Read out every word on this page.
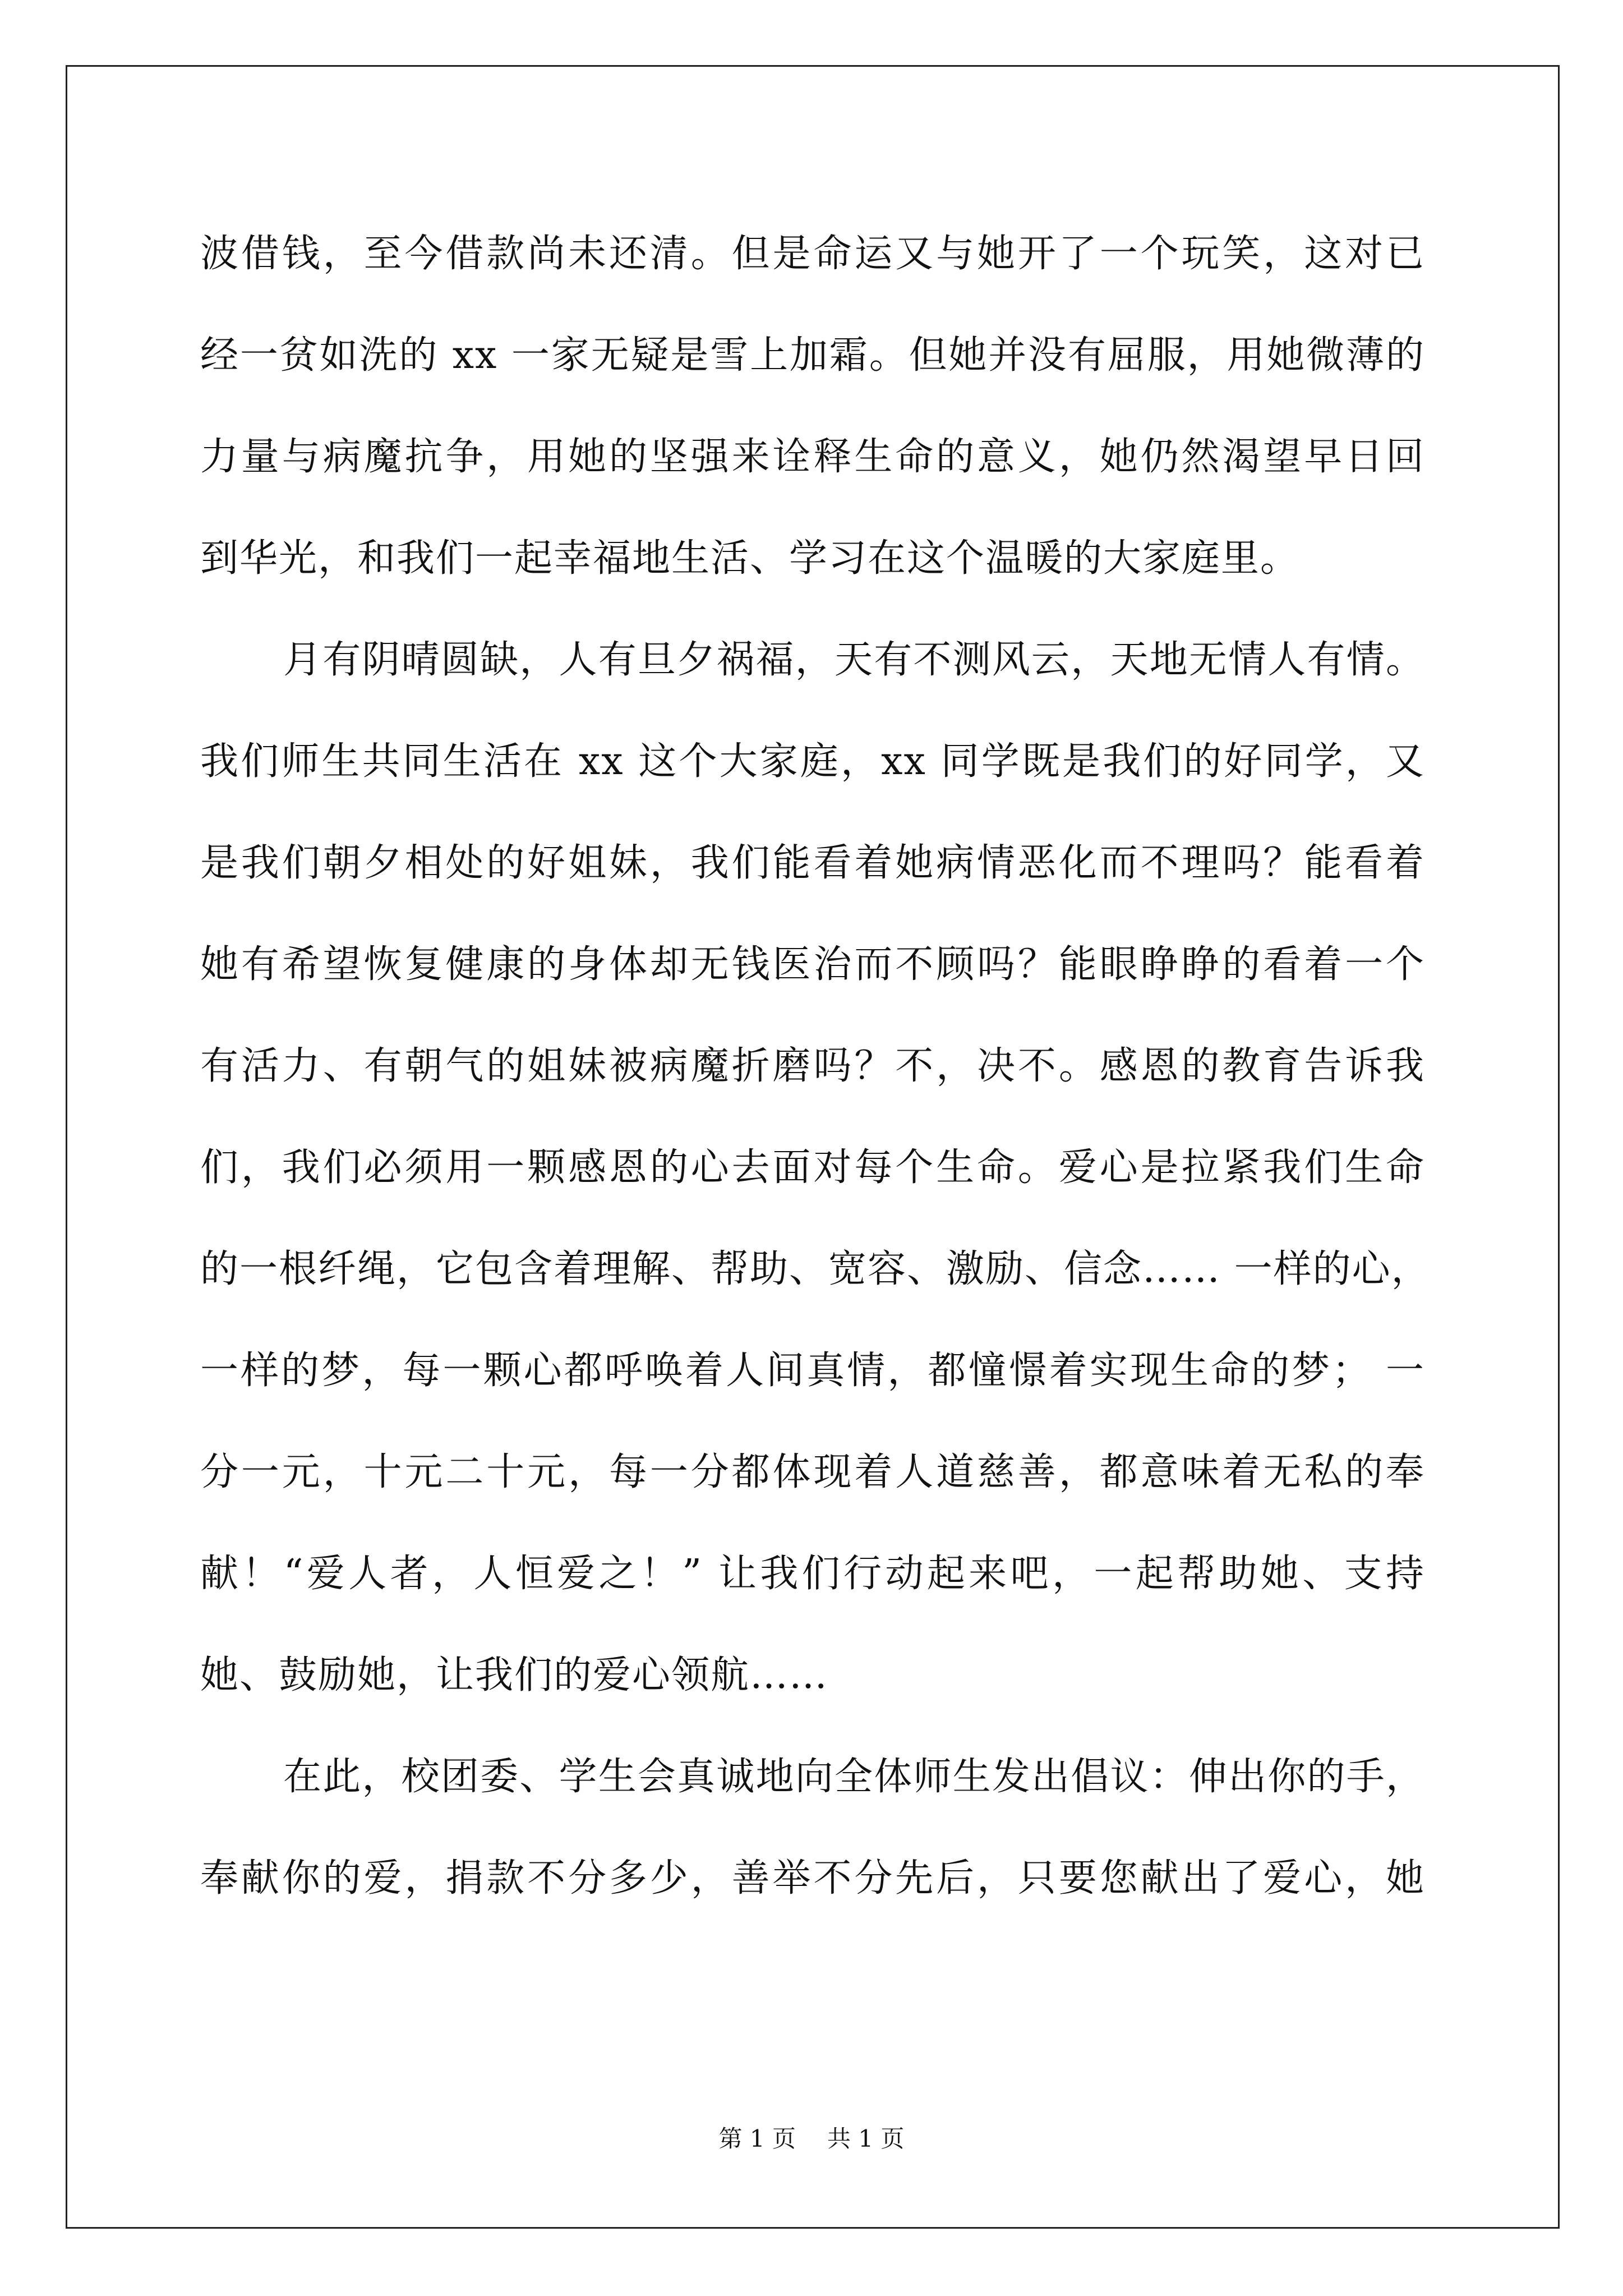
波借钱，至今借款尚未还清。但是命运又与她开了一个玩笑，这对已
经一贫如洗的 xx 一家无疑是雪上加霜。但她并没有屈服，用她微薄的
力量与病魔抗争，用她的坚强来诠释生命的意义，她仍然渴望早日回
到华光，和我们一起幸福地生活、学习在这个温暖的大家庭里。
月有阴晴圆缺，人有旦夕祸福，天有不测风云，天地无情人有情。
我们师生共同生活在 xx 这个大家庭，xx 同学既是我们的好同学，又
是我们朝夕相处的好姐妹，我们能看着她病情恶化而不理吗？能看着
她有希望恢复健康的身体却无钱医治而不顾吗？能眼睁睁的看着一个
有活力、有朝气的姐妹被病魔折磨吗？不，决不。感恩的教育告诉我
们，我们必须用一颗感恩的心去面对每个生命。爱心是拉紧我们生命
的一根纤绳，它包含着理解、帮助、宽容、激励、信念…… 一样的心，
一样的梦，每一颗心都呼唤着人间真情，都憧憬着实现生命的梦； 一
分一元，十元二十元，每一分都体现着人道慈善，都意味着无私的奉
献！“爱人者，人恒爱之！” 让我们行动起来吧，一起帮助她、支持
她、鼓励她，让我们的爱心领航……
在此，校团委、学生会真诚地向全体师生发出倡议：伸出你的手，
奉献你的爱，捐款不分多少，善举不分先后，只要您献出了爱心，她
第 1 页 共 1 页
